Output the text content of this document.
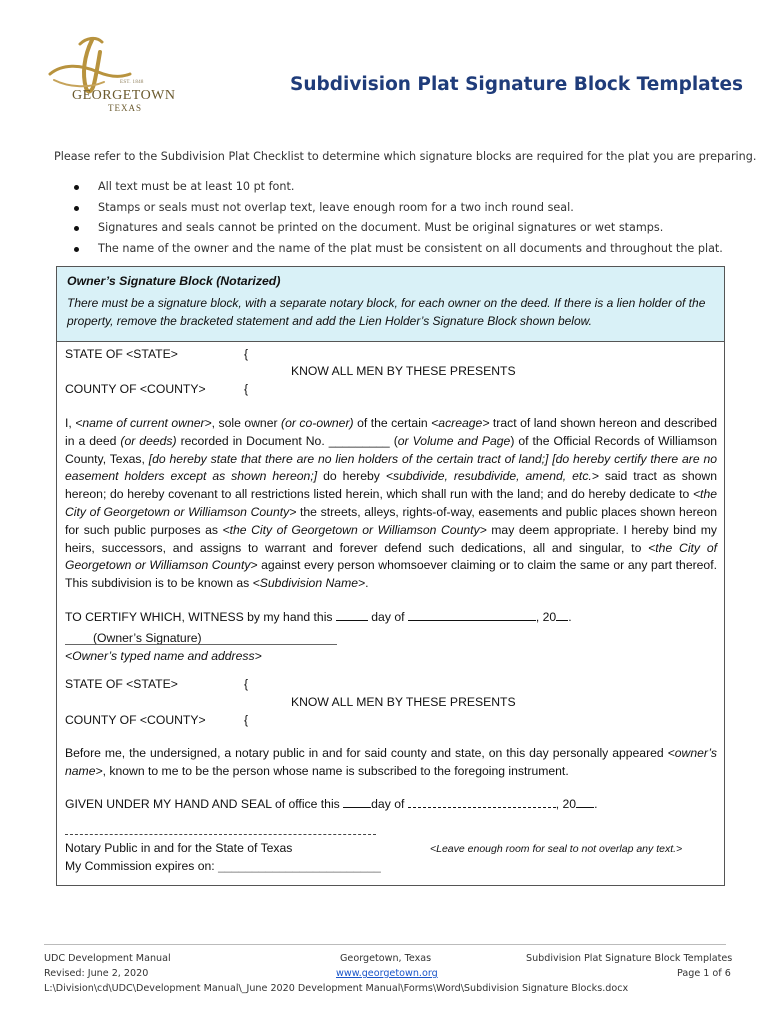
EST. 1848
GEORGETOWN
TEXAS
Subdivision Plat Signature Block Templates
Please refer to the Subdivision Plat Checklist to determine which signature blocks are required for the plat you are preparing.
All text must be at least 10 pt font.
Stamps or seals must not overlap text, leave enough room for a two inch round seal.
Signatures and seals cannot be printed on the document. Must be original signatures or wet stamps.
The name of the owner and the name of the plat must be consistent on all documents and throughout the plat.
Owner’s Signature Block (Notarized)
There must be a signature block, with a separate notary block, for each owner on the deed. If there is a lien holder of the property, remove the bracketed statement and add the Lien Holder’s Signature Block shown below.
STATE OF <STATE>	{
KNOW ALL MEN BY THESE PRESENTS
COUNTY OF <COUNTY>	{
I, <name of current owner>, sole owner (or co-owner) of the certain <acreage> tract of land shown hereon and described in a deed (or deeds) recorded in Document No. _________ (or Volume and Page) of the Official Records of Williamson County, Texas, [do hereby state that there are no lien holders of the certain tract of land;] [do hereby certify there are no easement holders except as shown hereon;] do hereby <subdivide, resubdivide, amend, etc.> said tract as shown hereon; do hereby covenant to all restrictions listed herein, which shall run with the land; and do hereby dedicate to <the City of Georgetown or Williamson County> the streets, alleys, rights-of-way, easements and public places shown hereon for such public purposes as <the City of Georgetown or Williamson County> may deem appropriate. I hereby bind my heirs, successors, and assigns to warrant and forever defend such dedications, all and singular, to <the City of Georgetown or Williamson County> against every person whomsoever claiming or to claim the same or any part thereof. This subdivision is to be known as <Subdivision Name>.
TO CERTIFY WHICH, WITNESS by my hand this	day of	, 20 .
(Owner’s Signature)
<Owner’s typed name and address>
STATE OF <STATE>	{
KNOW ALL MEN BY THESE PRESENTS
COUNTY OF <COUNTY>	{
Before me, the undersigned, a notary public in and for said county and state, on this day personally appeared <owner’s name>, known to me to be the person whose name is subscribed to the foregoing instrument.
GIVEN UNDER MY HAND AND SEAL of office this	day of	, 20 .
Notary Public in and for the State of Texas	<Leave enough room for seal to not overlap any text.>
My Commission expires on: ________________________
UDC Development Manual
Revised: June 2, 2020
Georgetown, Texas
www.georgetown.org
Subdivision Plat Signature Block Templates
Page 1 of 6
L:\Division\cd\UDC\Development Manual\_June 2020 Development Manual\Forms\Word\Subdivision Signature Blocks.docx
